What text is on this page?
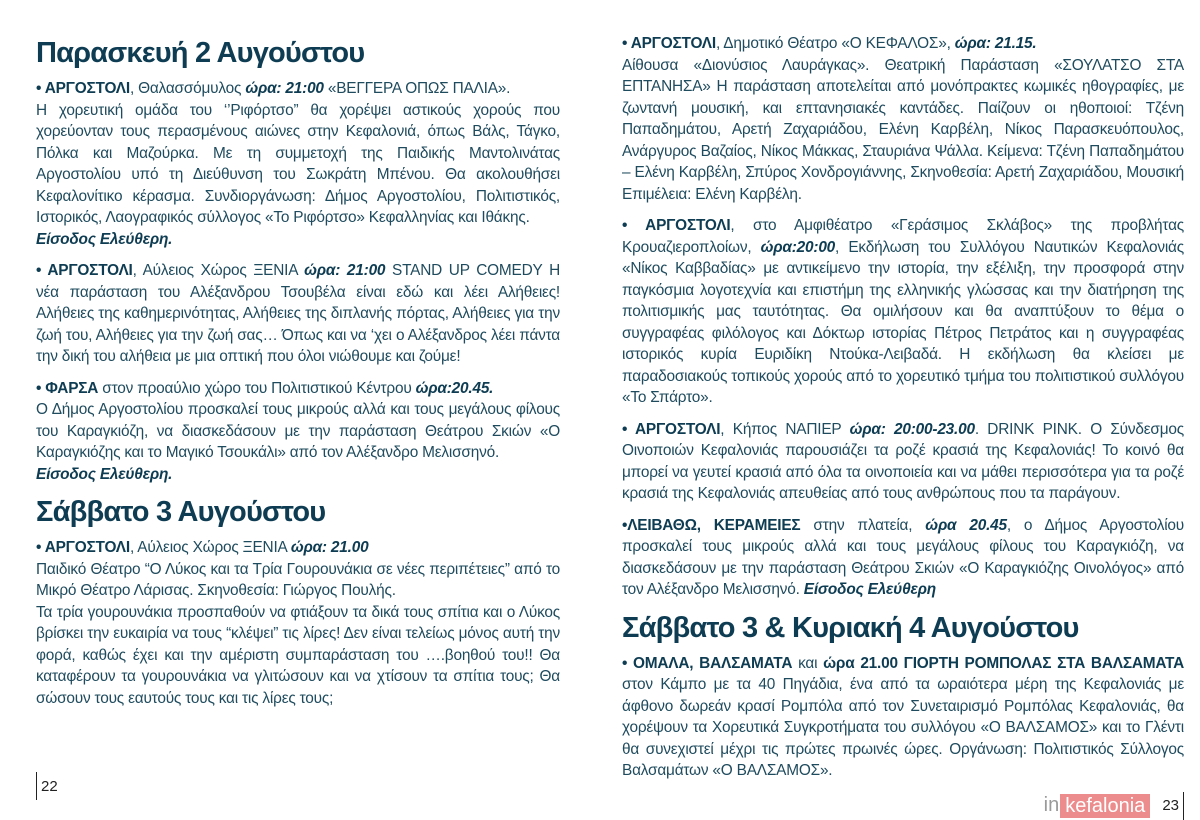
Παρασκευή 2 Αυγούστου
• ΑΡΓΟΣΤΟΛΙ, Θαλασσόμυλος ώρα: 21:00 «ΒΕΓΓΕΡΑ ΟΠΩΣ ΠΑΛΙΑ».
Η χορευτική ομάδα του ‘’Ριφόρτσο” θα χορέψει αστικούς χορούς που χορεύονταν τους περασμένους αιώνες στην Κεφαλονιά, όπως Βάλς, Τάγκο, Πόλκα και Μαζούρκα. Με τη συμμετοχή της Παιδικής Μαντολινάτας Αργοστολίου υπό τη Διεύθυνση του Σωκράτη Μπένου. Θα ακολουθήσει Κεφαλονίτικο κέρασμα. Συνδιοργάνωση: Δήμος Αργοστολίου, Πολιτιστικός, Ιστορικός, Λαογραφικός σύλλογος «Το Ριφόρτσο» Κεφαλληνίας και Ιθάκης.
Είσοδος Ελεύθερη.
• ΑΡΓΟΣΤΟΛΙ, Αύλειος Χώρος ΞΕΝΙΑ ώρα: 21:00 STAND UP COMEDY Η νέα παράσταση του Αλέξανδρου Τσουβέλα είναι εδώ και λέει Αλήθειες! Αλήθειες της καθημερινότητας, Αλήθειες της διπλανής πόρτας, Αλήθειες για την ζωή του, Αλήθειες για την ζωή σας… Όπως και να ‘χει ο Αλέξανδρος λέει πάντα την δική του αλήθεια με μια οπτική που όλοι νιώθουμε και ζούμε!
• ΦΑΡΣΑ στον προαύλιο χώρο του Πολιτιστικού Κέντρου ώρα:20.45.
Ο Δήμος Αργοστολίου προσκαλεί τους μικρούς αλλά και τους μεγάλους φίλους του Καραγκιόζη, να διασκεδάσουν με την παράσταση Θεάτρου Σκιών «Ο Καραγκιόζης και το Μαγικό Τσουκάλι» από τον Αλέξανδρο Μελισσηνό.
Είσοδος Ελεύθερη.
Σάββατο 3 Αυγούστου
• ΑΡΓΟΣΤΟΛΙ, Αύλειος Χώρος ΞΕΝΙΑ ώρα: 21.00
Παιδικό Θέατρο “Ο Λύκος και τα Τρία Γουρουνάκια σε νέες περιπέτειες” από το Μικρό Θέατρο Λάρισας. Σκηνοθεσία: Γιώργος Πουλής.
Τα τρία γουρουνάκια προσπαθούν να φτιάξουν τα δικά τους σπίτια και ο Λύκος βρίσκει την ευκαιρία να τους “κλέψει” τις λίρες! Δεν είναι τελείως μόνος αυτή την φορά, καθώς έχει και την αμέριστη συμπαράσταση του ….βοηθού του!! Θα καταφέρουν τα γουρουνάκια να γλιτώσουν και να χτίσουν τα σπίτια τους; Θα σώσουν τους εαυτούς τους και τις λίρες τους;
22
• ΑΡΓΟΣΤΟΛΙ, Δημοτικό Θέατρο «Ο ΚΕΦΑΛΟΣ», ώρα: 21.15.
Αίθουσα «Διονύσιος Λαυράγκας». Θεατρική Παράσταση «ΣΟΥΛΑΤΣΟ ΣΤΑ ΕΠΤΑΝΗΣΑ» Η παράσταση αποτελείται από μονόπρακτες κωμικές ηθογραφίες, με ζωντανή μουσική, και επτανησιακές καντάδες. Παίζουν οι ηθοποιοί: Τζένη Παπαδημάτου, Αρετή Ζαχαριάδου, Ελένη Καρβέλη, Νίκος Παρασκευόπουλος, Ανάργυρος Βαζαίος, Νίκος Μάκκας, Σταυριάνα Ψάλλα. Κείμενα: Τζένη Παπαδημάτου – Ελένη Καρβέλη, Σπύρος Χονδρογιάννης, Σκηνοθεσία: Αρετή Ζαχαριάδου, Μουσική Επιμέλεια: Ελένη Καρβέλη.
• ΑΡΓΟΣΤΟΛΙ, στο Αμφιθέατρο «Γεράσιμος Σκλάβος» της προβλήτας Κρουαζιεροπλοίων, ώρα:20:00, Εκδήλωση του Συλλόγου Ναυτικών Κεφαλονιάς «Νίκος Καββαδίας» με αντικείμενο την ιστορία, την εξέλιξη, την προσφορά στην παγκόσμια λογοτεχνία και επιστήμη της ελληνικής γλώσσας και την διατήρηση της πολιτισμικής μας ταυτότητας. Θα ομιλήσουν και θα αναπτύξουν το θέμα ο συγγραφέας φιλόλογος και Δόκτωρ ιστορίας Πέτρος Πετράτος και η συγγραφέας ιστορικός κυρία Ευριδίκη Ντούκα-Λειβαδά. Η εκδήλωση θα κλείσει με παραδοσιακούς τοπικούς χορούς από το χορευτικό τμήμα του πολιτιστικού συλλόγου «Το Σπάρτο».
• ΑΡΓΟΣΤΟΛΙ, Κήπος ΝΑΠΙΕΡ ώρα: 20:00-23.00. DRINK PINK. Ο Σύνδεσμος Οινοποιών Κεφαλονιάς παρουσιάζει τα ροζέ κρασιά της Κεφαλονιάς! Το κοινό θα μπορεί να γευτεί κρασιά από όλα τα οινοποιεία και να μάθει περισσότερα για τα ροζέ κρασιά της Κεφαλονιάς απευθείας από τους ανθρώπους που τα παράγουν.
•ΛΕΙΒΑΘΩ, ΚΕΡΑΜΕΙΕΣ στην πλατεία, ώρα 20.45, ο Δήμος Αργοστολίου προσκαλεί τους μικρούς αλλά και τους μεγάλους φίλους του Καραγκιόζη, να διασκεδάσουν με την παράσταση Θεάτρου Σκιών «Ο Καραγκιόζης Οινολόγος» από τον Αλέξανδρο Μελισσηνό. Είσοδος Ελεύθερη
Σάββατο 3 & Κυριακή 4 Αυγούστου
• ΟΜΑΛΑ, ΒΑΛΣΑΜΑΤΑ και ώρα 21.00 ΓΙΟΡΤΗ ΡΟΜΠΟΛΑΣ ΣΤΑ ΒΑΛΣΑΜΑΤΑ στον Κάμπο με τα 40 Πηγάδια, ένα από τα ωραιότερα μέρη της Κεφαλονιάς με άφθονο δωρεάν κρασί Ρομπόλα από τον Συνεταιρισμό Ρομπόλας Κεφαλονιάς, θα χορέψουν τα Χορευτικά Συγκροτήματα του συλλόγου «Ο ΒΑΛΣΑΜΟΣ» και το Γλέντι θα συνεχιστεί μέχρι τις πρώτες πρωινές ώρες. Οργάνωση: Πολιτιστικός Σύλλογος Βαλσαμάτων «Ο ΒΑΛΣΑΜΟΣ».
in kefalonia	23
